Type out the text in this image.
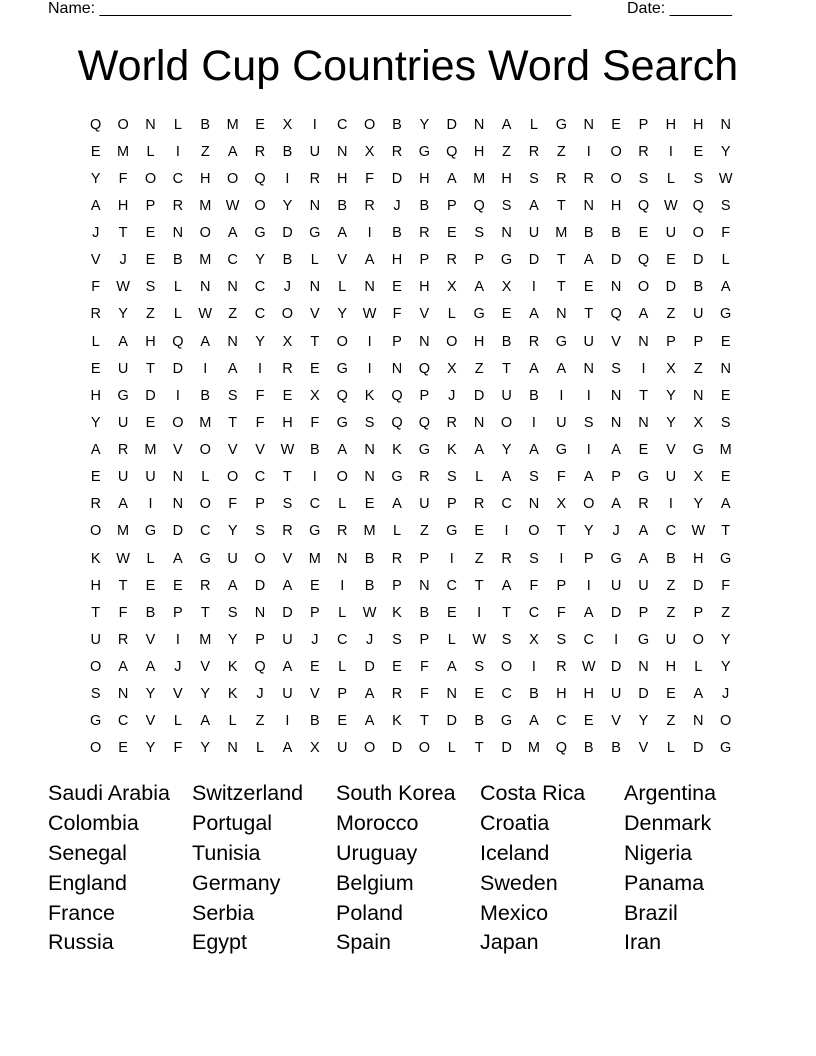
Name: _____________________________________________________	Date: _______
World Cup Countries Word Search
Q	O	N	L	B	M	E	X	I	C	O	B	Y	D	N	A	L	G	N	E	P	H	H	N
E	M	L	I	Z	A	R	B	U	N	X	R	G	Q	H	Z	R	Z	I	O	R	I	E	Y
Y	F	O	C	H	O	Q	I	R	H	F	D	H	A	M	H	S	R	R	O	S	L	S	W
A	H	P	R	M	W	O	Y	N	B	R	J	B	P	Q	S	A	T	N	H	Q	W	Q	S
J	T	E	N	O	A	G	D	G	A	I	B	R	E	S	N	U	M	B	B	E	U	O	F
V	J	E	B	M	C	Y	B	L	V	A	H	P	R	P	G	D	T	A	D	Q	E	D	L
F	W	S	L	N	N	C	J	N	L	N	E	H	X	A	X	I	T	E	N	O	D	B	A
R	Y	Z	L	W	Z	C	O	V	Y	W	F	V	L	G	E	A	N	T	Q	A	Z	U	G
L	A	H	Q	A	N	Y	X	T	O	I	P	N	O	H	B	R	G	U	V	N	P	P	E
E	U	T	D	I	A	I	R	E	G	I	N	Q	X	Z	T	A	A	N	S	I	X	Z	N
H	G	D	I	B	S	F	E	X	Q	K	Q	P	J	D	U	B	I	I	N	T	Y	N	E
Y	U	E	O	M	T	F	H	F	G	S	Q	Q	R	N	O	I	U	S	N	N	Y	X	S
A	R	M	V	O	V	V	W	B	A	N	K	G	K	A	Y	A	G	I	A	E	V	G	M
E	U	U	N	L	O	C	T	I	O	N	G	R	S	L	A	S	F	A	P	G	U	X	E
R	A	I	N	O	F	P	S	C	L	E	A	U	P	R	C	N	X	O	A	R	I	Y	A
O	M	G	D	C	Y	S	R	G	R	M	L	Z	G	E	I	O	T	Y	J	A	C	W	T
K	W	L	A	G	U	O	V	M	N	B	R	P	I	Z	R	S	I	P	G	A	B	H	G
H	T	E	E	R	A	D	A	E	I	B	P	N	C	T	A	F	P	I	U	U	Z	D	F
T	F	B	P	T	S	N	D	P	L	W	K	B	E	I	T	C	F	A	D	P	Z	P	Z
U	R	V	I	M	Y	P	U	J	C	J	S	P	L	W	S	X	S	C	I	G	U	O	Y
O	A	A	J	V	K	Q	A	E	L	D	E	F	A	S	O	I	R	W	D	N	H	L	Y
S	N	Y	V	Y	K	J	U	V	P	A	R	F	N	E	C	B	H	H	U	D	E	A	J
G	C	V	L	A	L	Z	I	B	E	A	K	T	D	B	G	A	C	E	V	Y	Z	N	O
O	E	Y	F	Y	N	L	A	X	U	O	D	O	L	T	D	M	Q	B	B	V	L	D	G
Saudi Arabia	Switzerland	South Korea	Costa Rica	Argentina
Colombia	Portugal	Morocco	Croatia	Denmark
Senegal	Tunisia	Uruguay	Iceland	Nigeria
England	Germany	Belgium	Sweden	Panama
France	Serbia	Poland	Mexico	Brazil
Russia	Egypt	Spain	Japan	Iran
